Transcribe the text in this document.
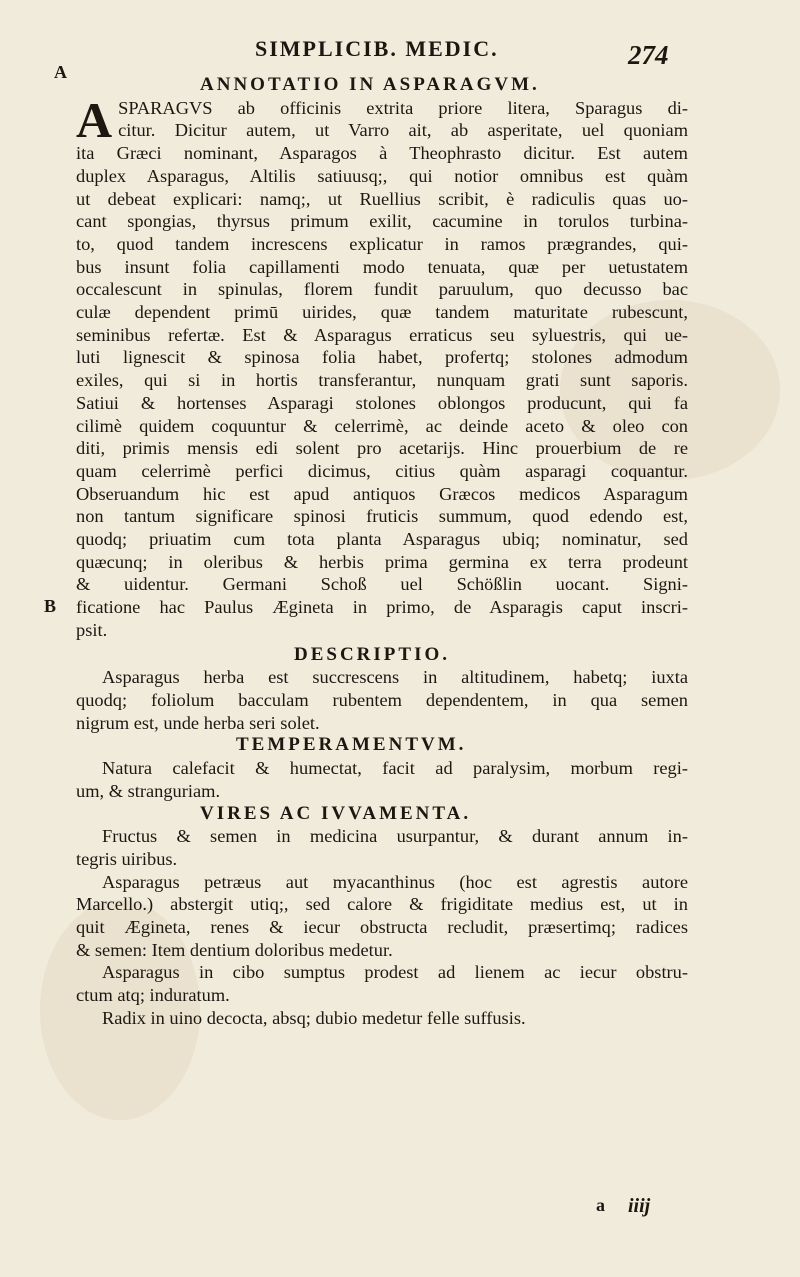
SIMPLICIB. MEDIC.	274
A
B
ANNOTATIO IN ASPARAGVM.
A SPARAGVS ab officinis extrita priore litera, Sparagus di-
citur. Dicitur autem, ut Varro ait, ab asperitate, uel quoniam
ita Græci nominant, Asparagos à Theophrasto dicitur. Est autem
duplex Asparagus, Altilis satiuusq;, qui notior omnibus est quàm
ut debeat explicari: namq;, ut Ruellius scribit, è radiculis quas uo-
cant spongias, thyrsus primum exilit, cacumine in torulos turbina-
to, quod tandem increscens explicatur in ramos prægrandes, qui-
bus insunt folia capillamenti modo tenuata, quæ per uetustatem
occalescunt in spinulas, florem fundit paruulum, quo decusso bac
culæ dependent primū uirides, quæ tandem maturitate rubescunt,
seminibus refertæ. Est & Asparagus erraticus seu syluestris, qui ue-
luti lignescit & spinosa folia habet, profertq; stolones admodum
exiles, qui si in hortis transferantur, nunquam grati sunt saporis.
Satiui & hortenses Asparagi stolones oblongos producunt, qui fa
cilimè quidem coquuntur & celerrimè, ac deinde aceto & oleo con
diti, primis mensis edi solent pro acetarijs. Hinc prouerbium de re
quam celerrimè perfici dicimus, citius quàm asparagi coquantur.
Obseruandum hic est apud antiquos Græcos medicos Asparagum
non tantum significare spinosi fruticis summum, quod edendo est,
quodq; priuatim cum tota planta Asparagus ubiq; nominatur, sed
quæcunq; in oleribus & herbis prima germina ex terra prodeunt
& uidentur. Germani Schoß uel Schößlin uocant. Signi-
ficatione hac Paulus Ægineta in primo, de Asparagis caput inscri-
psit.
DESCRIPTIO.
Asparagus herba est succrescens in altitudinem, habetq; iuxta
quodq; foliolum bacculam rubentem dependentem, in qua semen
nigrum est, unde herba seri solet.
TEMPERAMENTVM.
Natura calefacit & humectat, facit ad paralysim, morbum regi-
um, & stranguriam.
VIRES AC IVVAMENTA.
Fructus & semen in medicina usurpantur, & durant annum in-
tegris uiribus.
Asparagus petræus aut myacanthinus (hoc est agrestis autore
Marcello.) abstergit utiq;, sed calore & frigiditate medius est, ut in
quit Ægineta, renes & iecur obstructa recludit, præsertimq; radices
& semen: Item dentium doloribus medetur.
Asparagus in cibo sumptus prodest ad lienem ac iecur obstru-
ctum atq; induratum.
Radix in uino decocta, absq; dubio medetur felle suffusis.
a iiij
